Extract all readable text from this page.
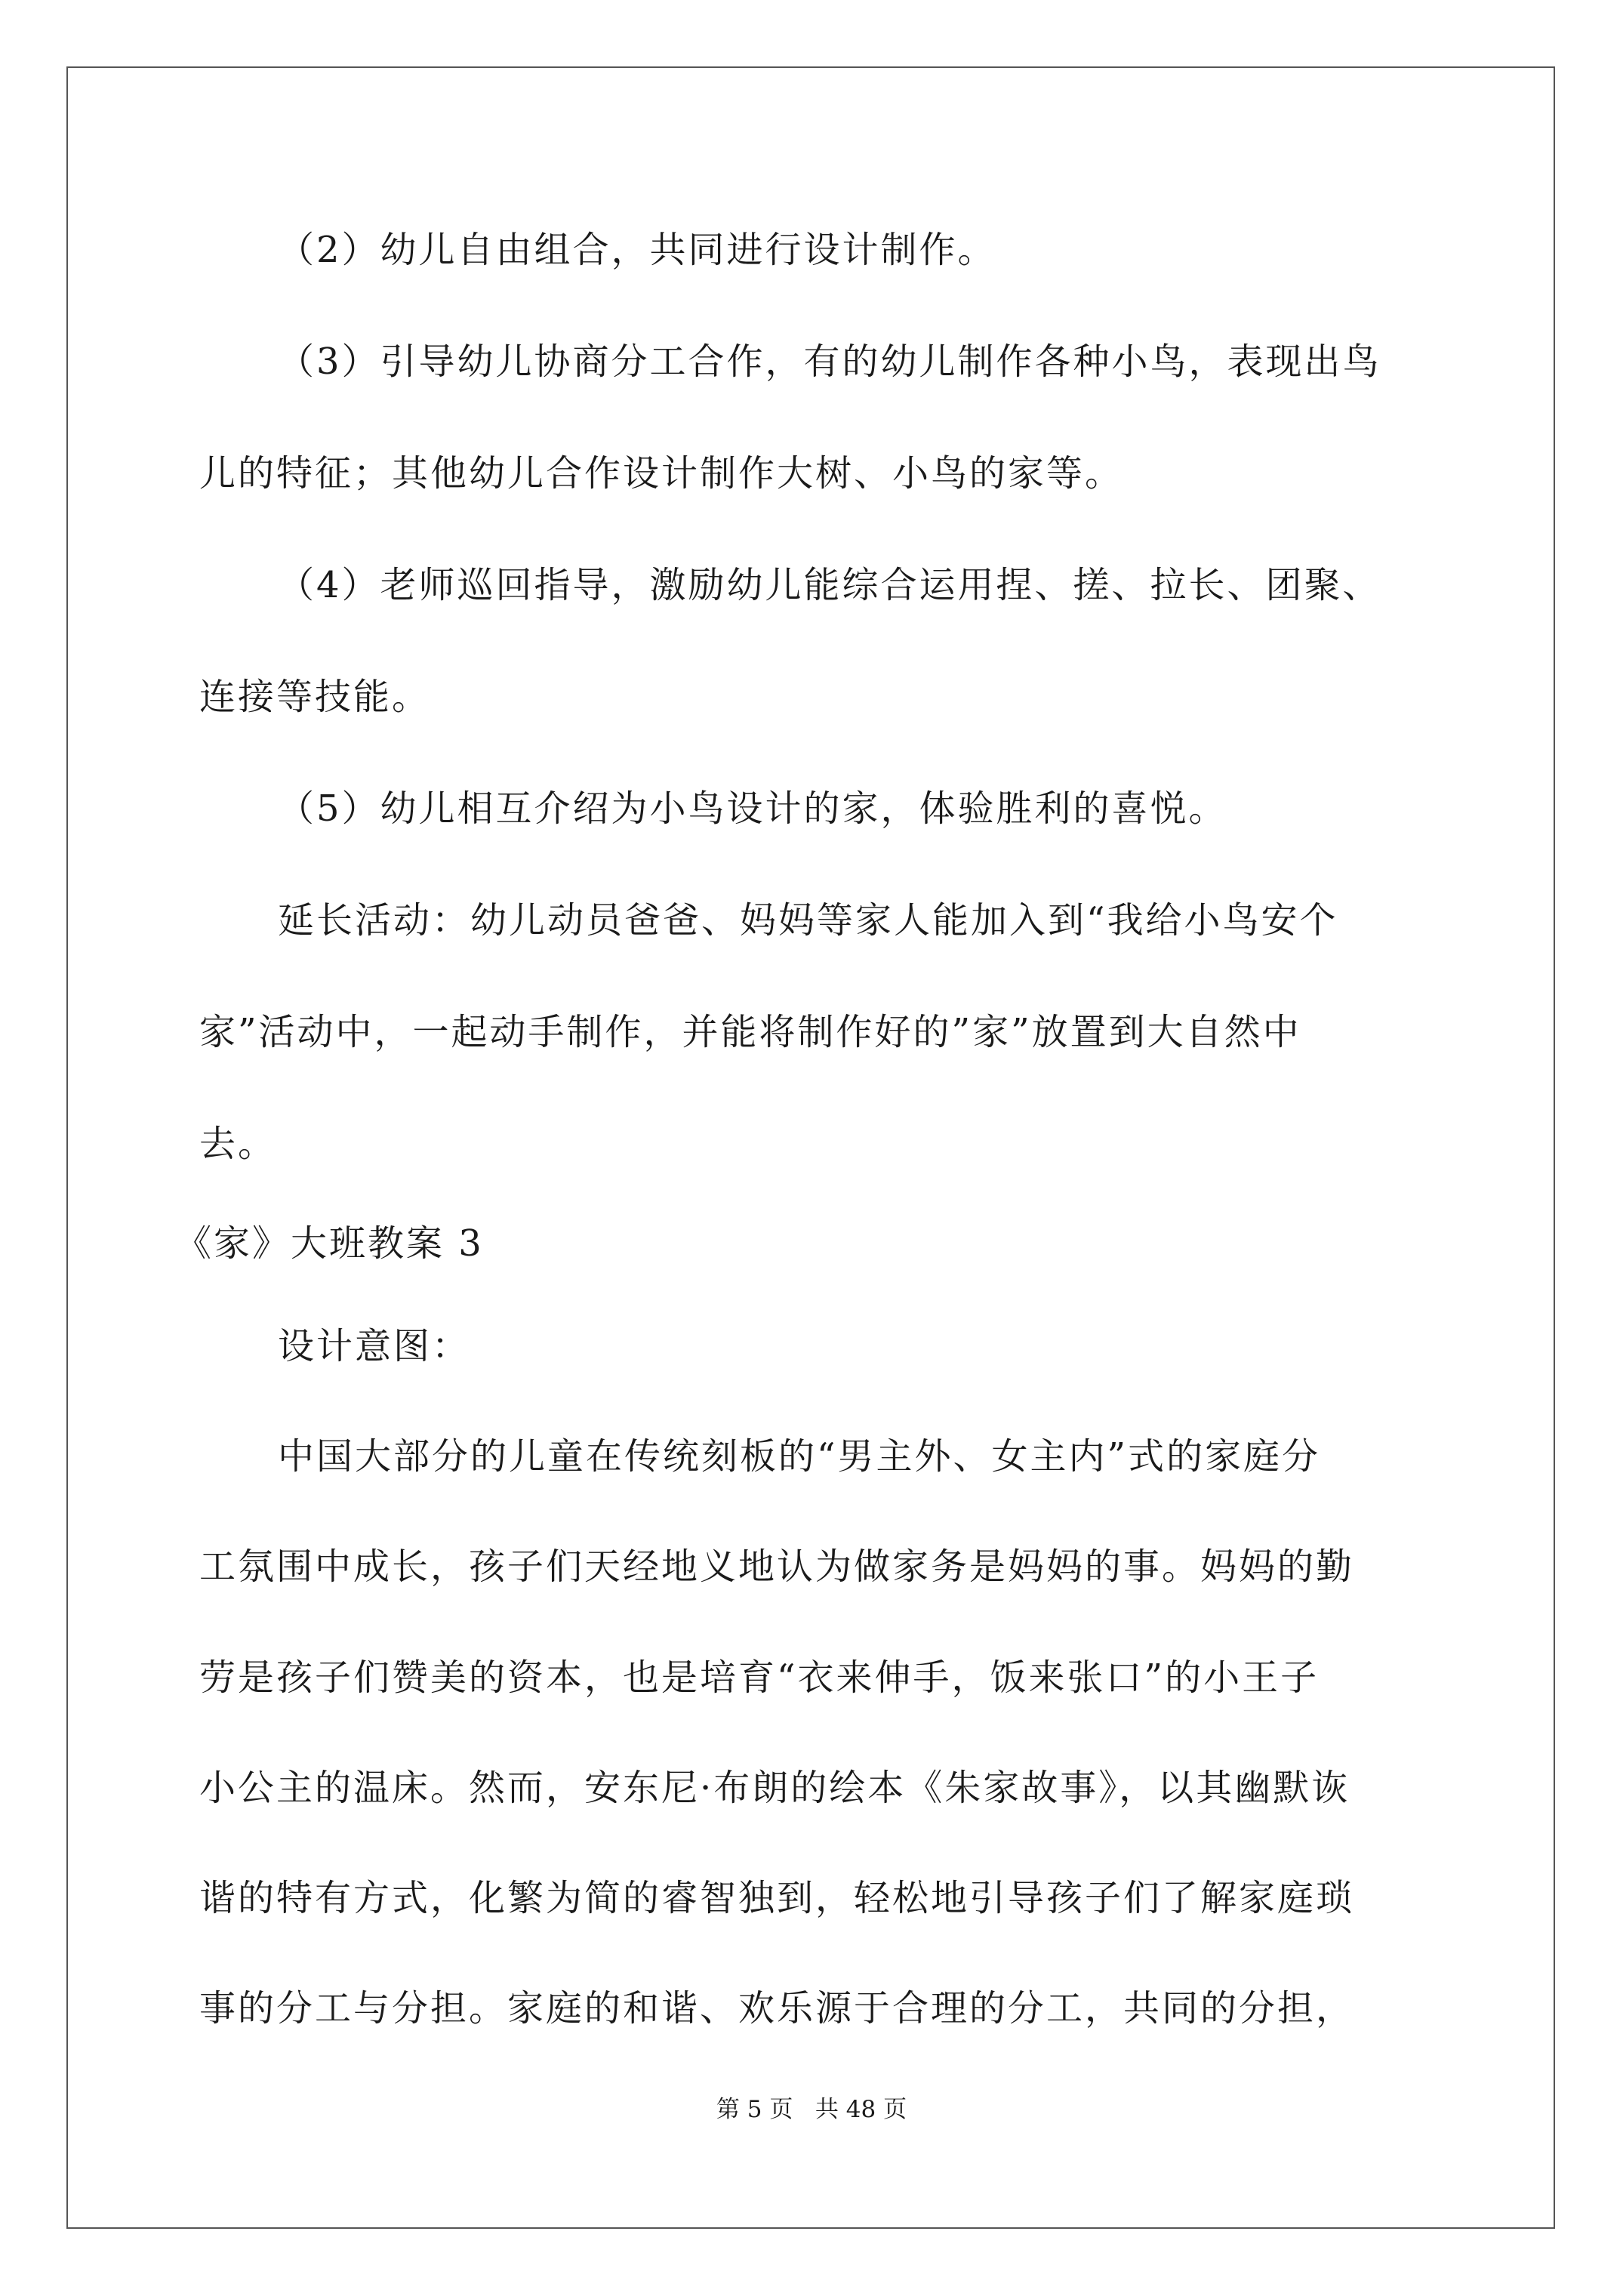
（2）幼儿自由组合，共同进行设计制作。
（3）引导幼儿协商分工合作，有的幼儿制作各种小鸟，表现出鸟
儿的特征；其他幼儿合作设计制作大树、小鸟的家等。
（4）老师巡回指导，激励幼儿能综合运用捏、搓、拉长、团聚、
连接等技能。
（5）幼儿相互介绍为小鸟设计的家，体验胜利的喜悦。
延长活动：幼儿动员爸爸、妈妈等家人能加入到“我给小鸟安个
家”活动中，一起动手制作，并能将制作好的”家”放置到大自然中
去。
《家》大班教案 3
设计意图：
中国大部分的儿童在传统刻板的“男主外、女主内”式的家庭分
工氛围中成长，孩子们天经地义地认为做家务是妈妈的事。妈妈的勤
劳是孩子们赞美的资本，也是培育“衣来伸手，饭来张口”的小王子
小公主的温床。然而，安东尼·布朗的绘本《朱家故事》，以其幽默诙
谐的特有方式，化繁为简的睿智独到，轻松地引导孩子们了解家庭琐
事的分工与分担。家庭的和谐、欢乐源于合理的分工，共同的分担，
第 5 页   共 48 页
